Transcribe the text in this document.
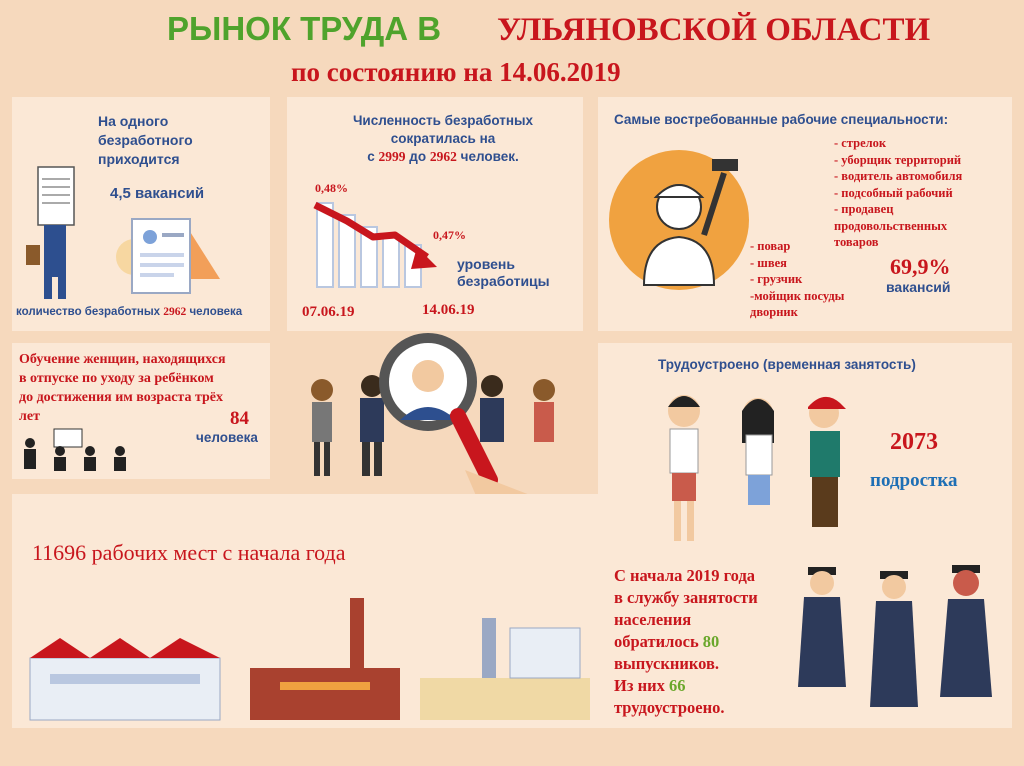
РЫНОК ТРУДА В УЛЬЯНОВСКОЙ ОБЛАСТИ
по состоянию на 14.06.2019
На одного
безработного
приходится
4,5 вакансий
количество безработных 2962 человека
Численность безработных
сократилась на
с 2999 до 2962 человек.
0,48%
0,47%
уровень
безработицы
07.06.19	14.06.19
Самые востребованные рабочие специальности:
- стрелок
- уборщик территорий
- водитель автомобиля
- подсобный рабочий
- продавец
продовольственных
товаров
- повар
- швея
- грузчик
-мойщик посуды
дворник
69,9%
вакансий
Обучение женщин, находящихся
в отпуске по уходу за ребёнком
до достижения им возраста трёх
лет	84
человека
Трудоустроено (временная занятость)
2073
подростка
11696 рабочих мест с начала года
С начала 2019 года
в службу занятости
населения
обратилось 80
выпускников.
Из них 66
трудоустроено.
